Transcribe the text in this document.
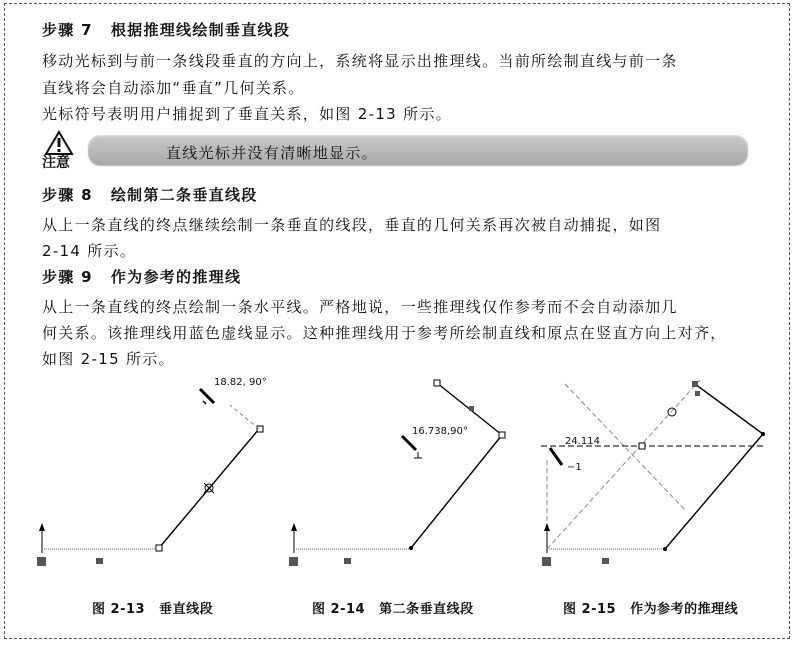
步骤 7 根据推理线绘制垂直线段
移动光标到与前一条线段垂直的方向上，系统将显示出推理线。当前所绘制直线与前一条
直线将会自动添加“垂直”几何关系。
光标符号表明用户捕捉到了垂直关系，如图 2-13 所示。
注意
直线光标并没有清晰地显示。
步骤 8 绘制第二条垂直线段
从上一条直线的终点继续绘制一条垂直的线段，垂直的几何关系再次被自动捕捉，如图
2-14 所示。
步骤 9 作为参考的推理线
从上一条直线的终点绘制一条水平线。严格地说，一些推理线仅作参考而不会自动添加几
何关系。该推理线用蓝色虚线显示。这种推理线用于参考所绘制直线和原点在竖直方向上对齐，
如图 2-15 所示。
18.82, 90°
16.738,90°
24.114
−1
图 2-13 垂直线段	图 2-14 第二条垂直线段	图 2-15 作为参考的推理线
